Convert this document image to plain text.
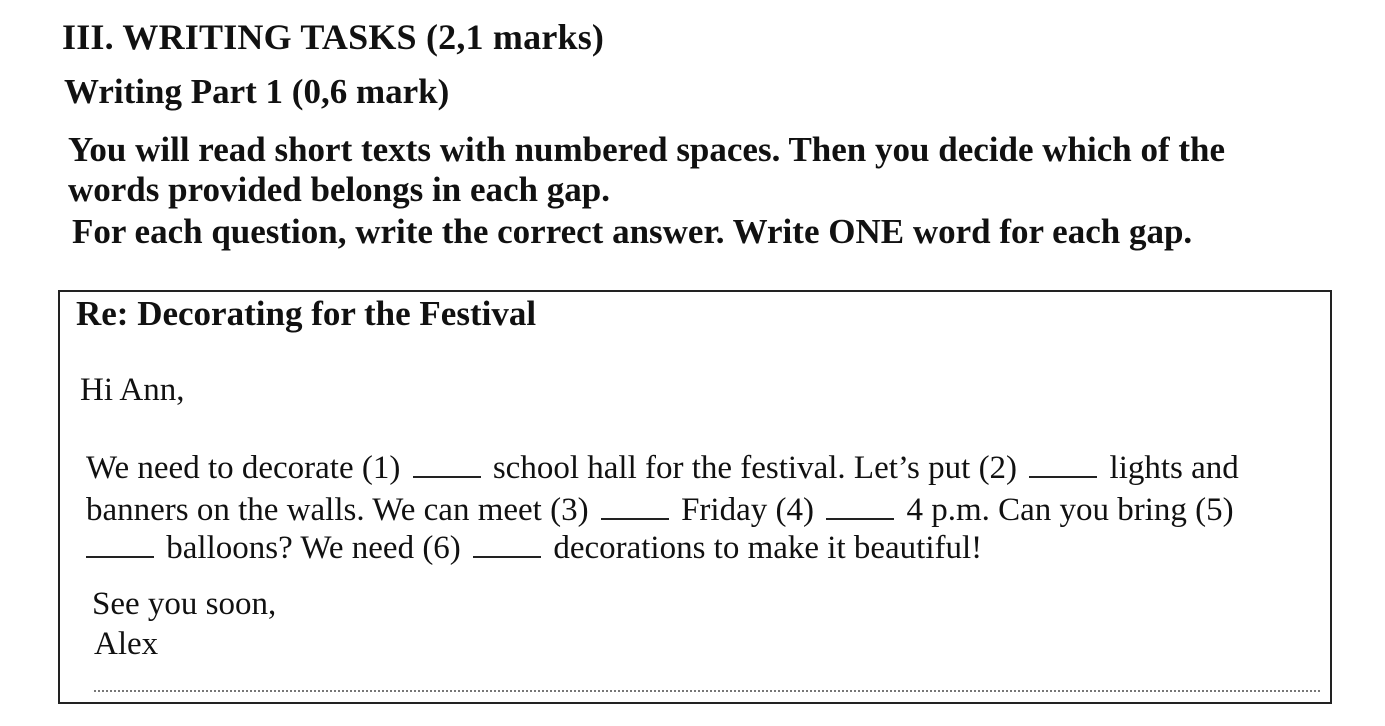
III. WRITING TASKS (2,1 marks)
Writing Part 1 (0,6 mark)
You will read short texts with numbered spaces. Then you decide which of the
words provided belongs in each gap.
For each question, write the correct answer. Write ONE word for each gap.
Re: Decorating for the Festival
Hi Ann,
We need to decorate (1)	school hall for the festival. Let’s put (2)	lights and
banners on the walls. We can meet (3)	Friday (4)	4 p.m. Can you bring (5)
balloons? We need (6)	decorations to make it beautiful!
See you soon,
Alex
